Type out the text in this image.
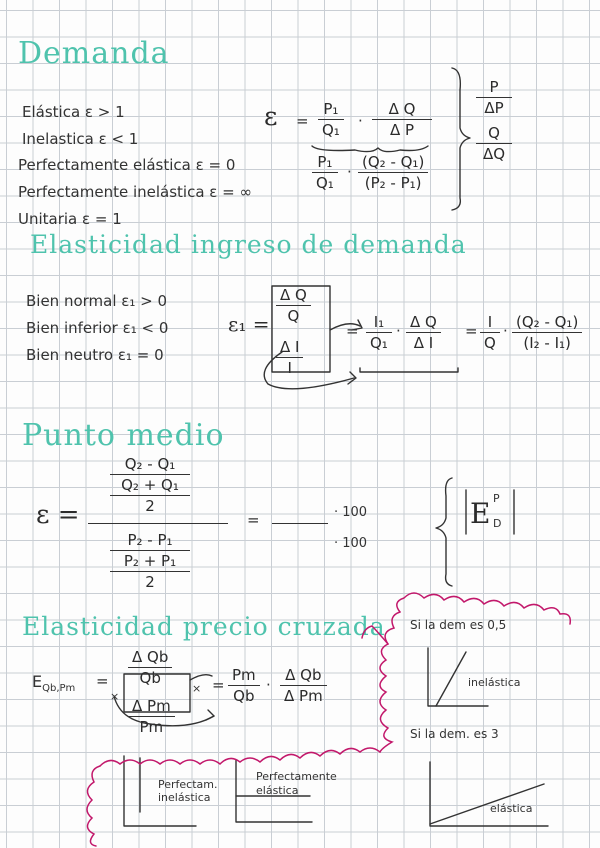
Demanda
Elástica ε > 1
Inelastica ε < 1
Perfectamente elástica ε = 0
Perfectamente inelástica ε = ∞
Unitaria ε = 1
ε =
P₁
Q₁ ·
Δ Q
Δ P
P₁
Q₁
·
(Q₂ - Q₁)
(P₂ - P₁)
P
ΔP
Q
ΔQ
Elasticidad ingreso de demanda
Bien normal ε₁ > 0
Bien inferior ε₁ < 0
Bien neutro ε₁ = 0
ε₁ =
Δ Q
Q
Δ I
I
= I₁
Q₁
· Δ Q
Δ I
= I
Q
· (Q₂ - Q₁)
(I₂ - I₁)
Punto medio
ε =
Q₂ - Q₁
Q₂ + Q₁
2
P₂ - P₁
P₂ + P₁
2
=	· 100
· 100
E P
D
Elasticidad precio cruzada
$E_{Qb,Pm}$ =
Δ Qb
Qb
Δ Pm
Pm
×
× =
Pm
Qb
·
Δ Qb
Δ Pm
Si la dem es 0,5
inelástica
Si la dem. es 3
elástica
Perfectam. inelástica
Perfectamente
elástica
